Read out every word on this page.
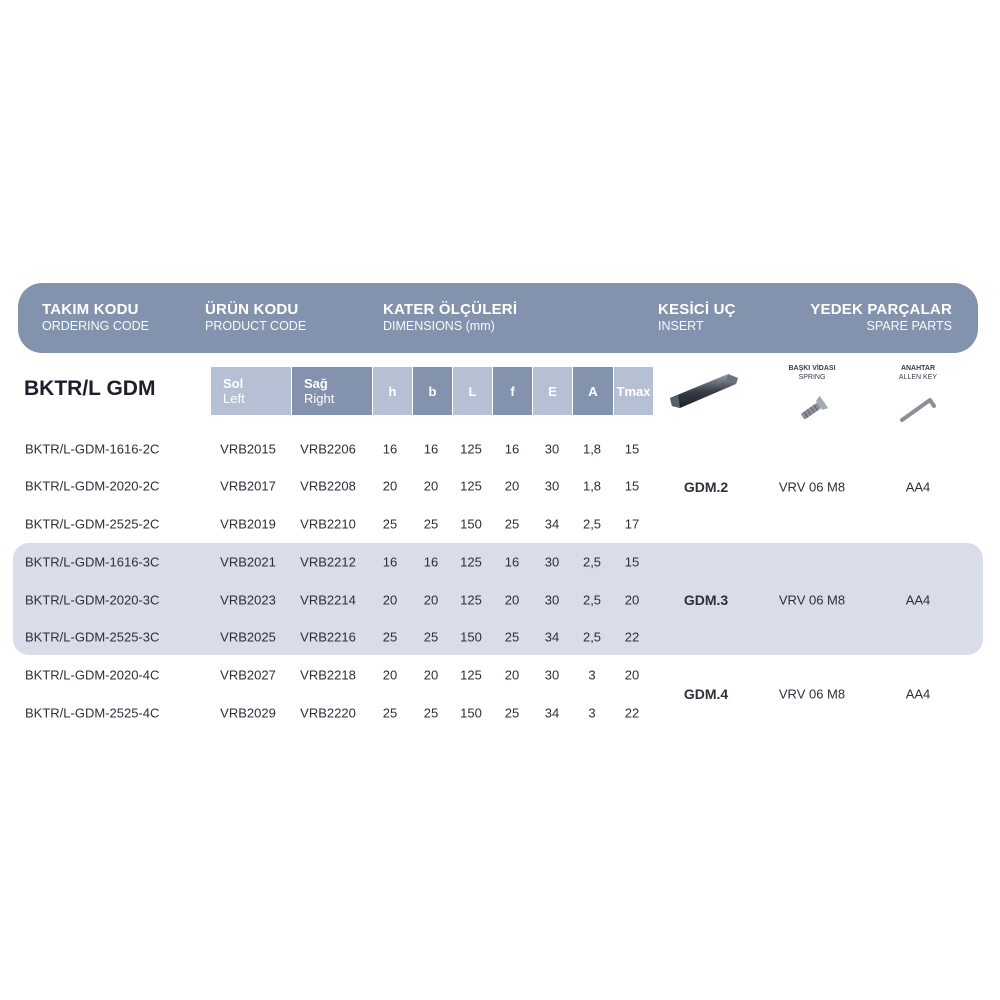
TAKIM KODU
ORDERING CODE
ÜRÜN KODU
PRODUCT CODE
KATER ÖLÇÜLERİ
DIMENSIONS (mm)
KESİCİ UÇ
INSERT
YEDEK PARÇALAR
SPARE PARTS
BKTR/L GDM	Sol
Left
Sağ
Right	h	b	L	f	E	A	Tmax
BAŞKI VİDASI
SPRING
ANAHTAR
ALLEN KEY
BKTR/L-GDM-1616-2C	VRB2015 VRB2206 16 16 125 16 30 1,8 15
BKTR/L-GDM-2020-2C	VRB2017 VRB2208 20 20 125 20 30 1,8 15
BKTR/L-GDM-2525-2C	VRB2019 VRB2210 25 25 150 25 34 2,5 17
BKTR/L-GDM-1616-3C	VRB2021 VRB2212 16 16 125 16 30 2,5 15
BKTR/L-GDM-2020-3C	VRB2023 VRB2214 20 20 125 20 30 2,5 20
BKTR/L-GDM-2525-3C	VRB2025 VRB2216 25 25 150 25 34 2,5 22
BKTR/L-GDM-2020-4C	VRB2027 VRB2218 20 20 125 20 30 3 20
BKTR/L-GDM-2525-4C	VRB2029 VRB2220 25 25 150 25 34 3 22
GDM.2	VRV 06 M8	AA4
GDM.3	VRV 06 M8	AA4
GDM.4	VRV 06 M8	AA4
